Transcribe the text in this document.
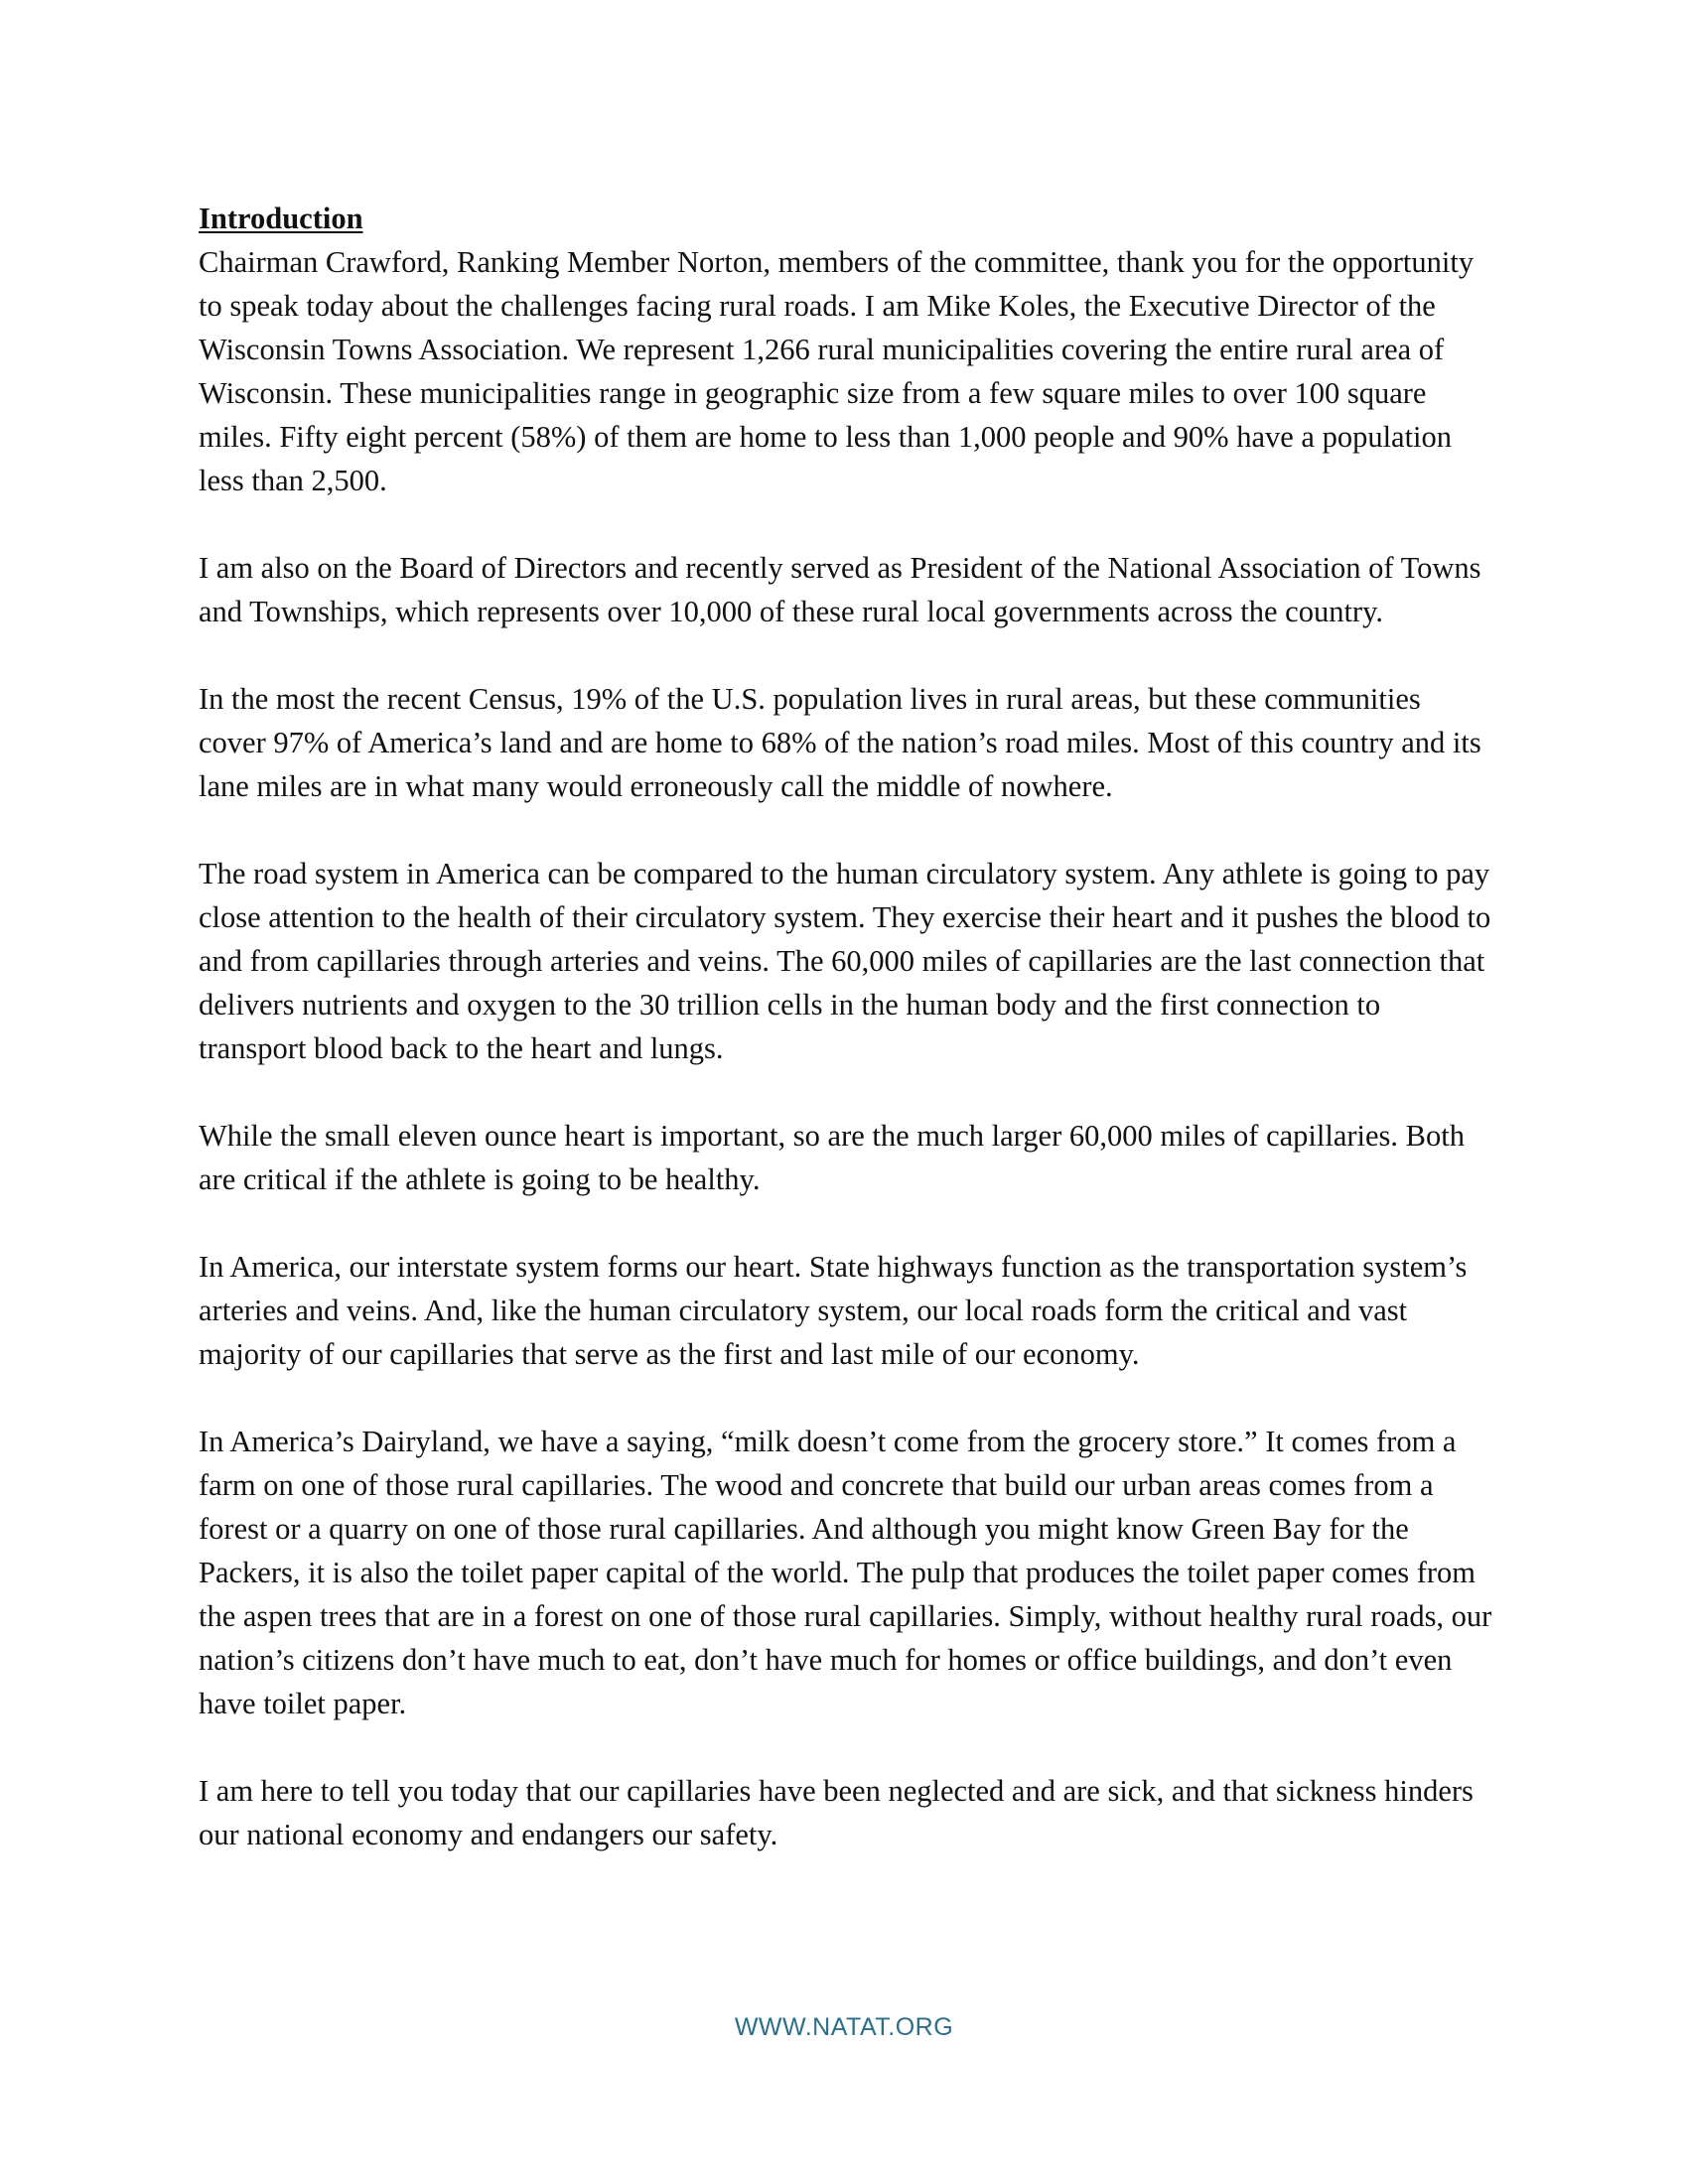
Introduction

Chairman Crawford, Ranking Member Norton, members of the committee, thank you for the opportunity to speak today about the challenges facing rural roads. I am Mike Koles, the Executive Director of the Wisconsin Towns Association. We represent 1,266 rural municipalities covering the entire rural area of Wisconsin. These municipalities range in geographic size from a few square miles to over 100 square miles. Fifty eight percent (58%) of them are home to less than 1,000 people and 90% have a population less than 2,500.

I am also on the Board of Directors and recently served as President of the National Association of Towns and Townships, which represents over 10,000 of these rural local governments across the country.

In the most the recent Census, 19% of the U.S. population lives in rural areas, but these communities cover 97% of America’s land and are home to 68% of the nation’s road miles. Most of this country and its lane miles are in what many would erroneously call the middle of nowhere.

The road system in America can be compared to the human circulatory system. Any athlete is going to pay close attention to the health of their circulatory system. They exercise their heart and it pushes the blood to and from capillaries through arteries and veins. The 60,000 miles of capillaries are the last connection that delivers nutrients and oxygen to the 30 trillion cells in the human body and the first connection to transport blood back to the heart and lungs.

While the small eleven ounce heart is important, so are the much larger 60,000 miles of capillaries. Both are critical if the athlete is going to be healthy.

In America, our interstate system forms our heart. State highways function as the transportation system’s arteries and veins. And, like the human circulatory system, our local roads form the critical and vast majority of our capillaries that serve as the first and last mile of our economy.

In America’s Dairyland, we have a saying, “milk doesn’t come from the grocery store.” It comes from a farm on one of those rural capillaries. The wood and concrete that build our urban areas comes from a forest or a quarry on one of those rural capillaries. And although you might know Green Bay for the Packers, it is also the toilet paper capital of the world. The pulp that produces the toilet paper comes from the aspen trees that are in a forest on one of those rural capillaries. Simply, without healthy rural roads, our nation’s citizens don’t have much to eat, don’t have much for homes or office buildings, and don’t even have toilet paper.

I am here to tell you today that our capillaries have been neglected and are sick, and that sickness hinders our national economy and endangers our safety.

WWW.NATAT.ORG
